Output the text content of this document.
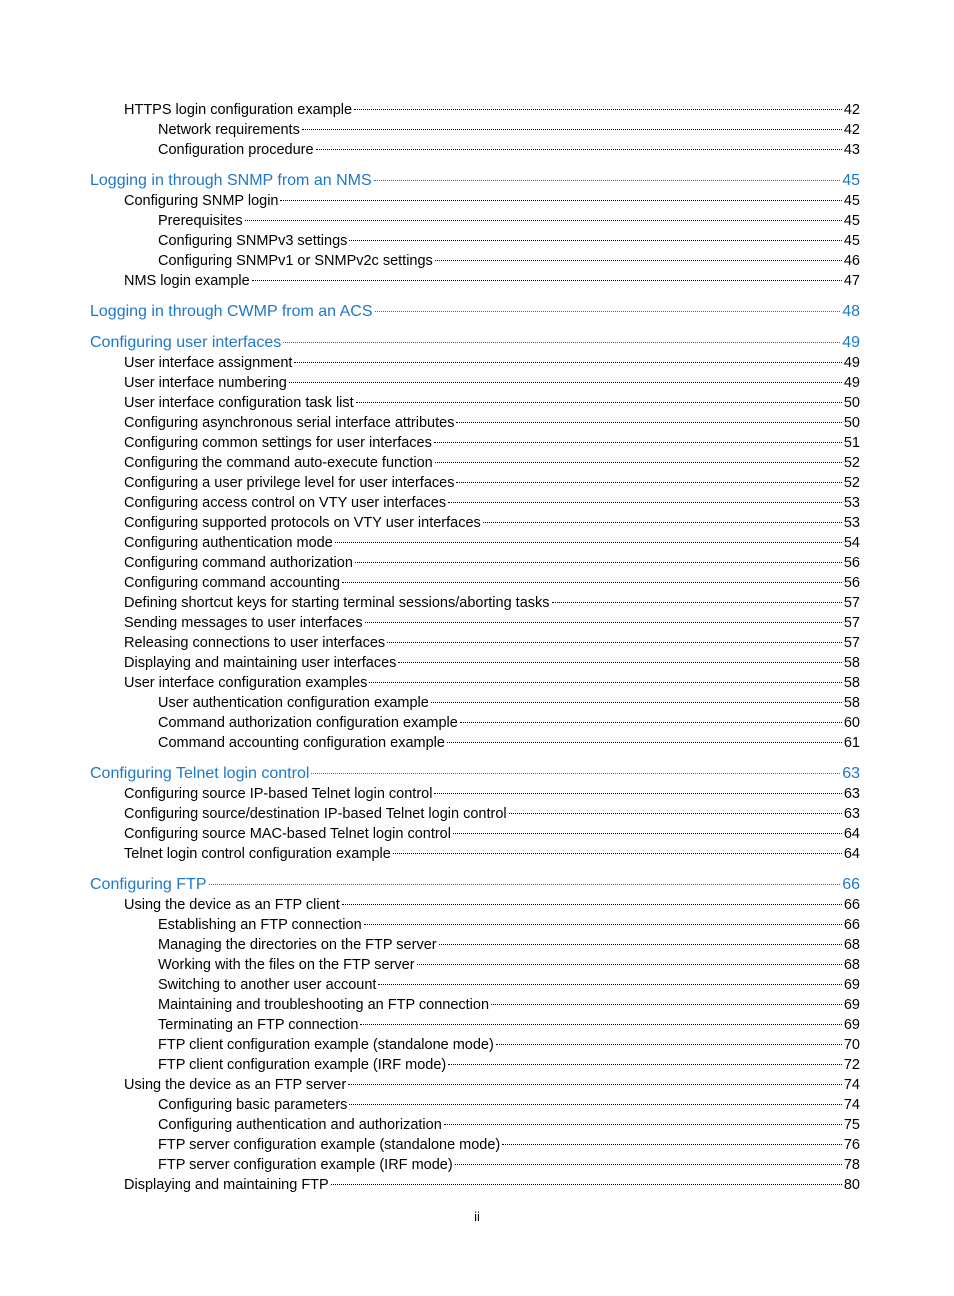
HTTPS login configuration example	42
Network requirements	42
Configuration procedure	43
Logging in through SNMP from an NMS	45
Configuring SNMP login	45
Prerequisites	45
Configuring SNMPv3 settings	45
Configuring SNMPv1 or SNMPv2c settings	46
NMS login example	47
Logging in through CWMP from an ACS	48
Configuring user interfaces	49
User interface assignment	49
User interface numbering	49
User interface configuration task list	50
Configuring asynchronous serial interface attributes	50
Configuring common settings for user interfaces	51
Configuring the command auto-execute function	52
Configuring a user privilege level for user interfaces	52
Configuring access control on VTY user interfaces	53
Configuring supported protocols on VTY user interfaces	53
Configuring authentication mode	54
Configuring command authorization	56
Configuring command accounting	56
Defining shortcut keys for starting terminal sessions/aborting tasks	57
Sending messages to user interfaces	57
Releasing connections to user interfaces	57
Displaying and maintaining user interfaces	58
User interface configuration examples	58
User authentication configuration example	58
Command authorization configuration example	60
Command accounting configuration example	61
Configuring Telnet login control	63
Configuring source IP-based Telnet login control	63
Configuring source/destination IP-based Telnet login control	63
Configuring source MAC-based Telnet login control	64
Telnet login control configuration example	64
Configuring FTP	66
Using the device as an FTP client	66
Establishing an FTP connection	66
Managing the directories on the FTP server	68
Working with the files on the FTP server	68
Switching to another user account	69
Maintaining and troubleshooting an FTP connection	69
Terminating an FTP connection	69
FTP client configuration example (standalone mode)	70
FTP client configuration example (IRF mode)	72
Using the device as an FTP server	74
Configuring basic parameters	74
Configuring authentication and authorization	75
FTP server configuration example (standalone mode)	76
FTP server configuration example (IRF mode)	78
Displaying and maintaining FTP	80
ii
